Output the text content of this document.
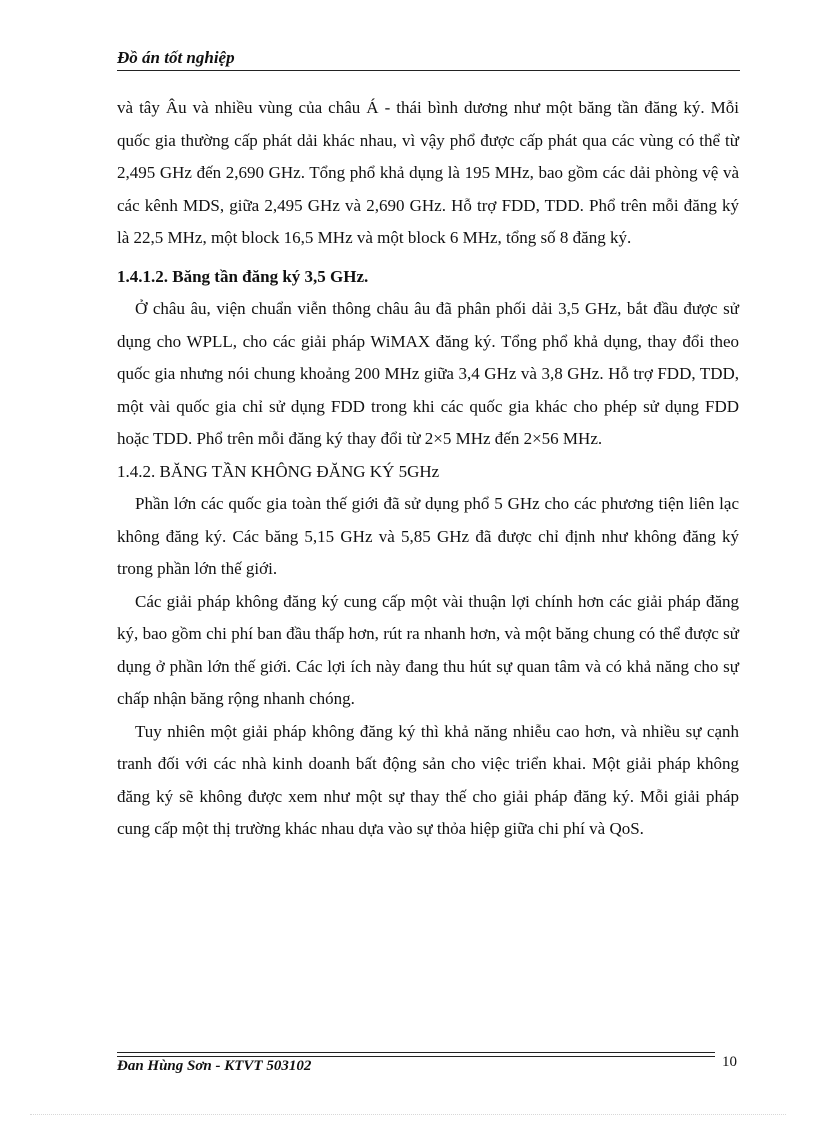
Đồ án tốt nghiệp

và tây Âu và nhiều vùng của châu Á - thái bình dương như một băng tần đăng ký. Mỗi quốc gia thường cấp phát dải khác nhau, vì vậy phổ được cấp phát qua các vùng có thể từ 2,495 GHz đến 2,690 GHz. Tổng phổ khả dụng là 195 MHz, bao gồm các dải phòng vệ và các kênh MDS, giữa 2,495 GHz và 2,690 GHz. Hỗ trợ FDD, TDD. Phổ trên mỗi đăng ký là 22,5 MHz, một block 16,5 MHz và một block 6 MHz, tổng số 8 đăng ký.

1.4.1.2. Băng tần đăng ký 3,5 GHz.

Ở châu âu, viện chuẩn viễn thông châu âu đã phân phối dải 3,5 GHz, bắt đầu được sử dụng cho WPLL, cho các giải pháp WiMAX đăng ký. Tổng phổ khả dụng, thay đổi theo quốc gia nhưng nói chung khoảng 200 MHz giữa 3,4 GHz và 3,8 GHz. Hỗ trợ FDD, TDD, một vài quốc gia chỉ sử dụng FDD trong khi các quốc gia khác cho phép sử dụng FDD hoặc TDD. Phổ trên mỗi đăng ký thay đổi từ 2×5 MHz đến 2×56 MHz.

1.4.2. BĂNG TẦN KHÔNG ĐĂNG KÝ 5GHz

Phần lớn các quốc gia toàn thế giới đã sử dụng phổ 5 GHz cho các phương tiện liên lạc không đăng ký. Các băng 5,15 GHz và 5,85 GHz đã được chỉ định như không đăng ký trong phần lớn thế giới.

Các giải pháp không đăng ký cung cấp một vài thuận lợi chính hơn các giải pháp đăng ký, bao gồm chi phí ban đầu thấp hơn, rút ra nhanh hơn, và một băng chung có thể được sử dụng ở phần lớn thế giới. Các lợi ích này đang thu hút sự quan tâm và có khả năng cho sự chấp nhận băng rộng nhanh chóng.

Tuy nhiên một giải pháp không đăng ký thì khả năng nhiễu cao hơn, và nhiều sự cạnh tranh đối với các nhà kinh doanh bất động sản cho việc triển khai. Một giải pháp không đăng ký sẽ không được xem như một sự thay thế cho giải pháp đăng ký. Mỗi giải pháp cung cấp một thị trường khác nhau dựa vào sự thỏa hiệp giữa chi phí và QoS.

Đan Hùng Sơn - KTVT 503102	10
